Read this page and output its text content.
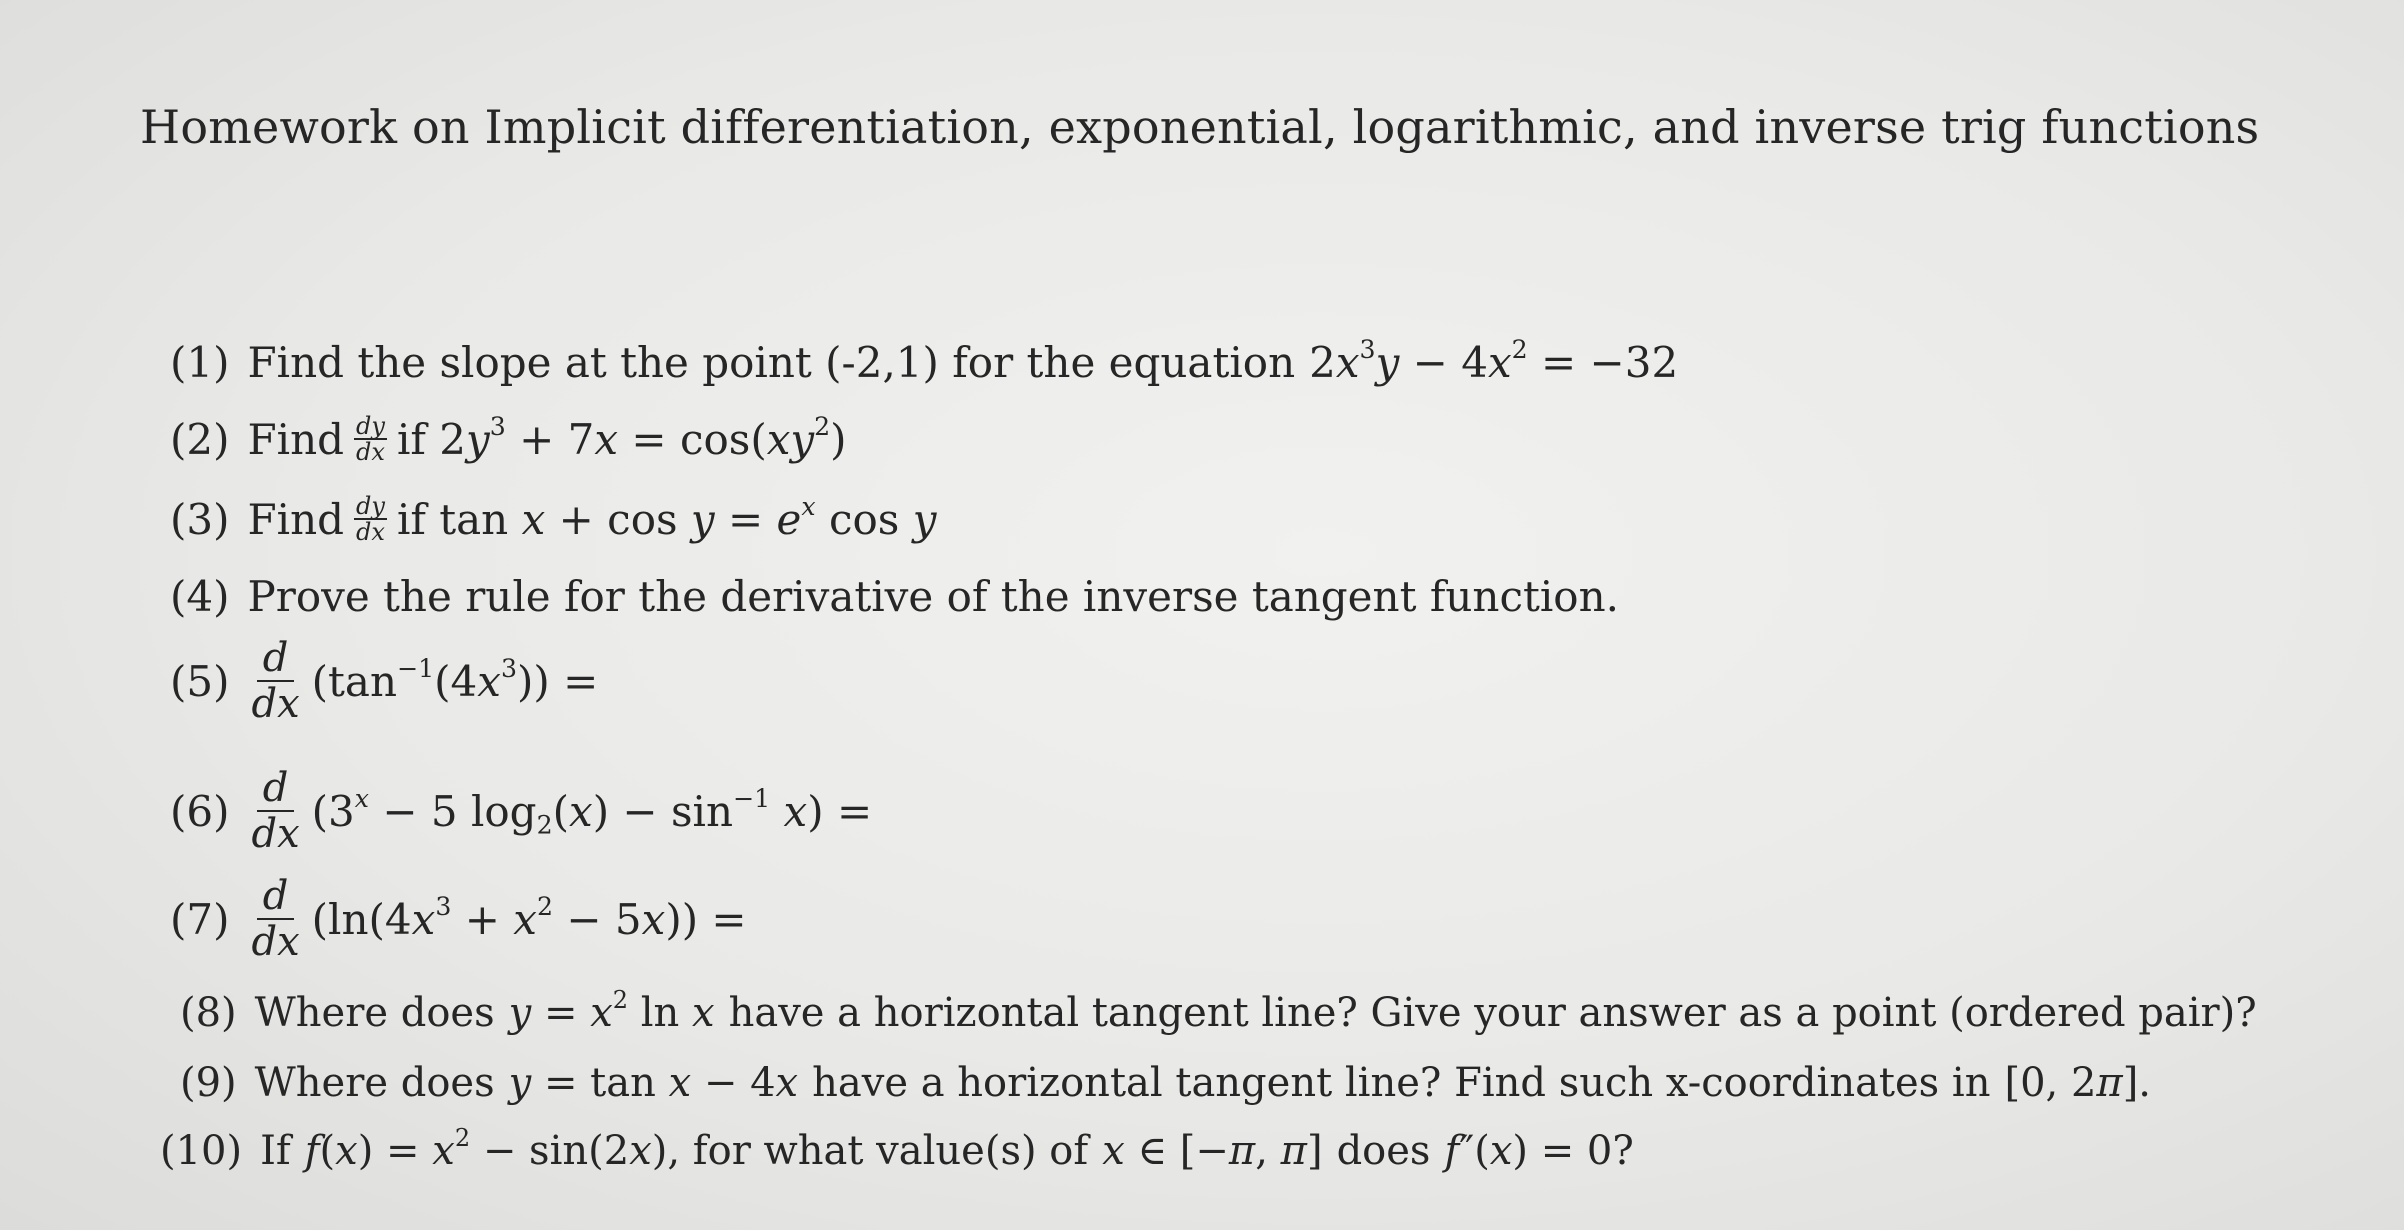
Homework on Implicit differentiation, exponential, logarithmic, and inverse trig functions
(1) Find the slope at the point (-2,1) for the equation $2x^3y - 4x^2 = -32$
(2) Find dy
dx if $2y^3 + 7x = \cos(xy^2)$
(3) Find dy
dx if $\tan x + \cos y = e^x$ cos y
(4) Prove the rule for the derivative of the inverse tangent function.
(5) d
dx $(\tan^{-1}(4x^3))$ =
(6) d
dx ($3^x - 5$ $\log_2(x) - \sin^{-1} x$) =
(7) d
dx $(\ln(4x^3 + x^2 - 5x))$ =
(8) Where does $y = x^2$ ln x have a horizontal tangent line? Give your answer as a point (ordered pair)?
(9) Where does y = tan x − 4x have a horizontal tangent line? Find such x-coordinates in [0, 2π].
(10) If $f(x) = x^2 - \sin(2x)$ , for what value(s) of x ∈ [−π, π] does f″(x) = 0?
